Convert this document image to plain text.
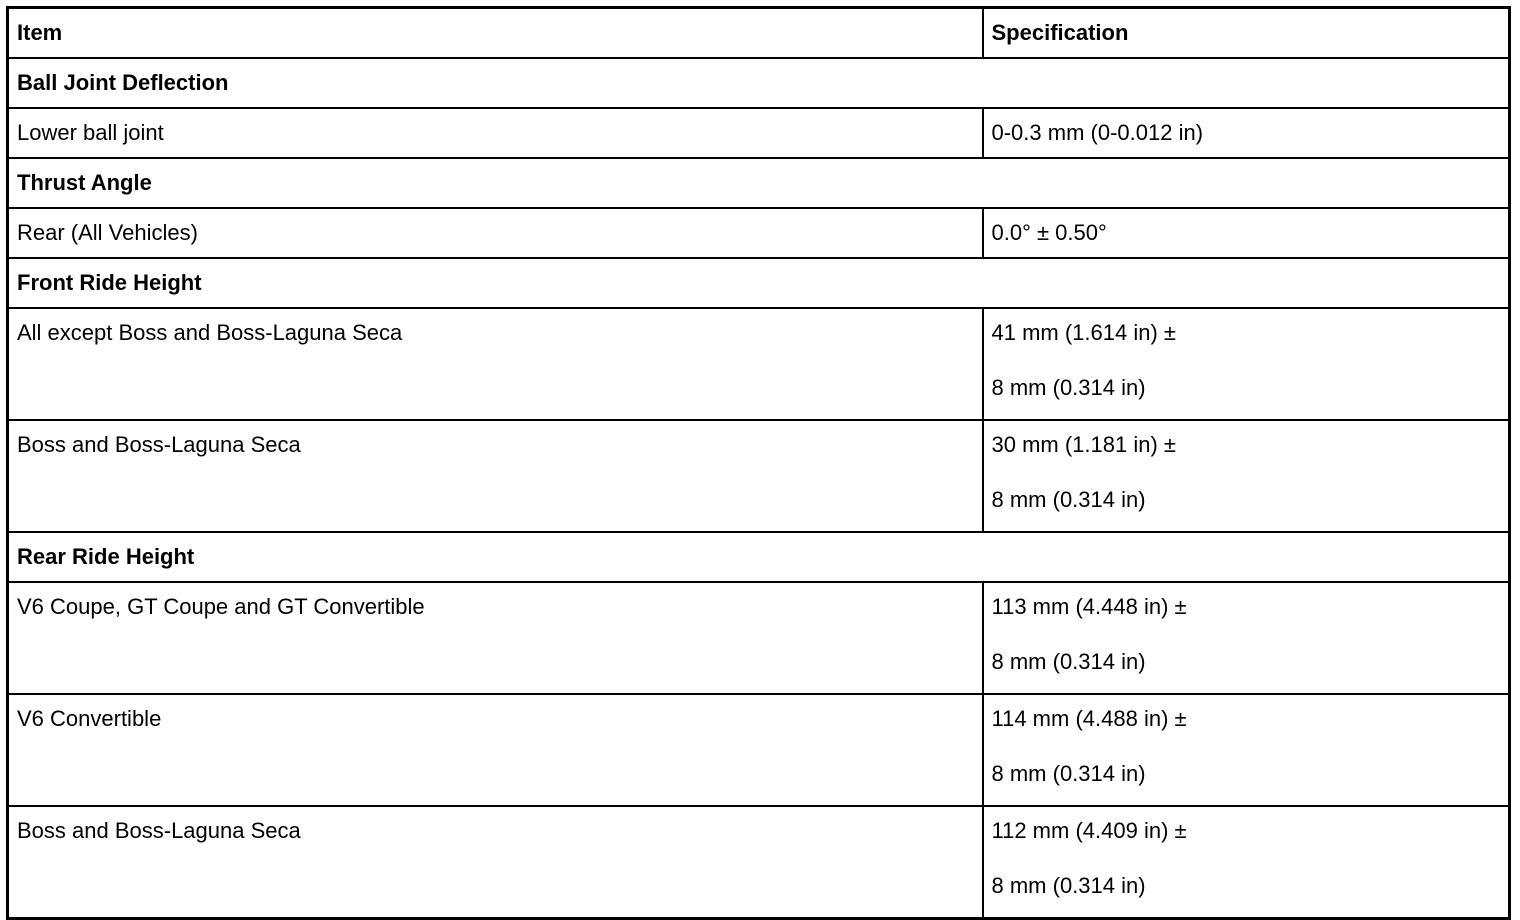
Item	Specification
Ball Joint Deflection	
Lower ball joint	0-0.3 mm (0-0.012 in)
Thrust Angle	
Rear (All Vehicles)	0.0° ± 0.50°
Front Ride Height	

All except Boss and Boss-Laguna Seca	41 mm (1.614 in) ±
8 mm (0.314 in)

Boss and Boss-Laguna Seca	30 mm (1.181 in) ±
8 mm (0.314 in)

Rear Ride Height	

V6 Coupe, GT Coupe and GT Convertible	113 mm (4.448 in) ±
8 mm (0.314 in)

V6 Convertible	114 mm (4.488 in) ±
8 mm (0.314 in)

Boss and Boss-Laguna Seca	112 mm (4.409 in) ±
8 mm (0.314 in)
